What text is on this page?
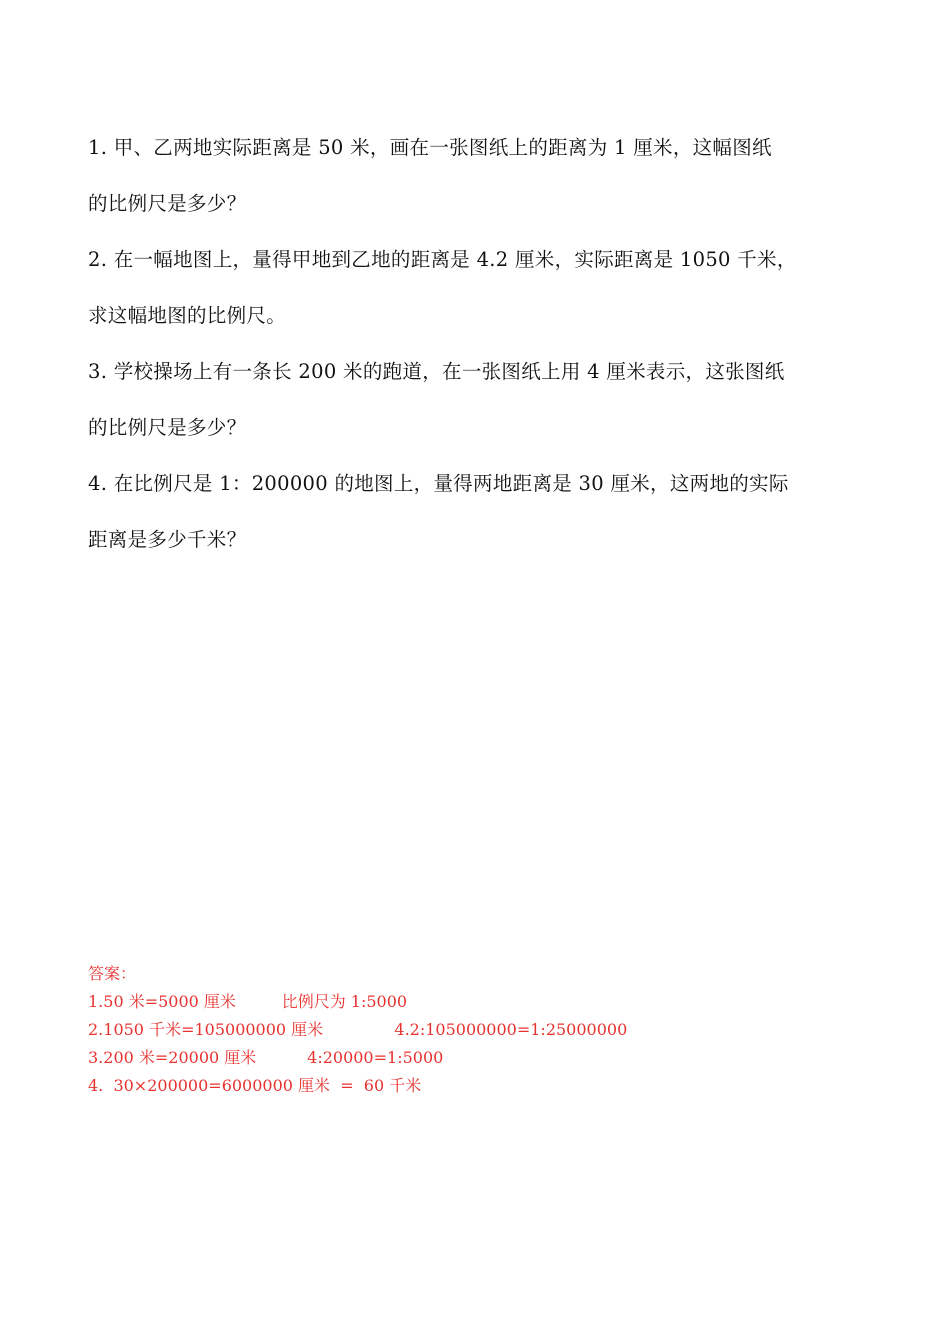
1. 甲、乙两地实际距离是 50 米，画在一张图纸上的距离为 1 厘米，这幅图纸
的比例尺是多少？
2. 在一幅地图上，量得甲地到乙地的距离是 4.2 厘米，实际距离是 1050 千米，
求这幅地图的比例尺。
3. 学校操场上有一条长 200 米的跑道，在一张图纸上用 4 厘米表示，这张图纸
的比例尺是多少？
4. 在比例尺是 1：200000 的地图上，量得两地距离是 30 厘米，这两地的实际
距离是多少千米？
答案：
1.50 米=5000 厘米         比例尺为 1:5000
2.1050 千米=105000000 厘米              4.2:105000000=1:25000000
3.200 米=20000 厘米          4:20000=1:5000
4.  30×200000=6000000 厘米  =  60 千米
